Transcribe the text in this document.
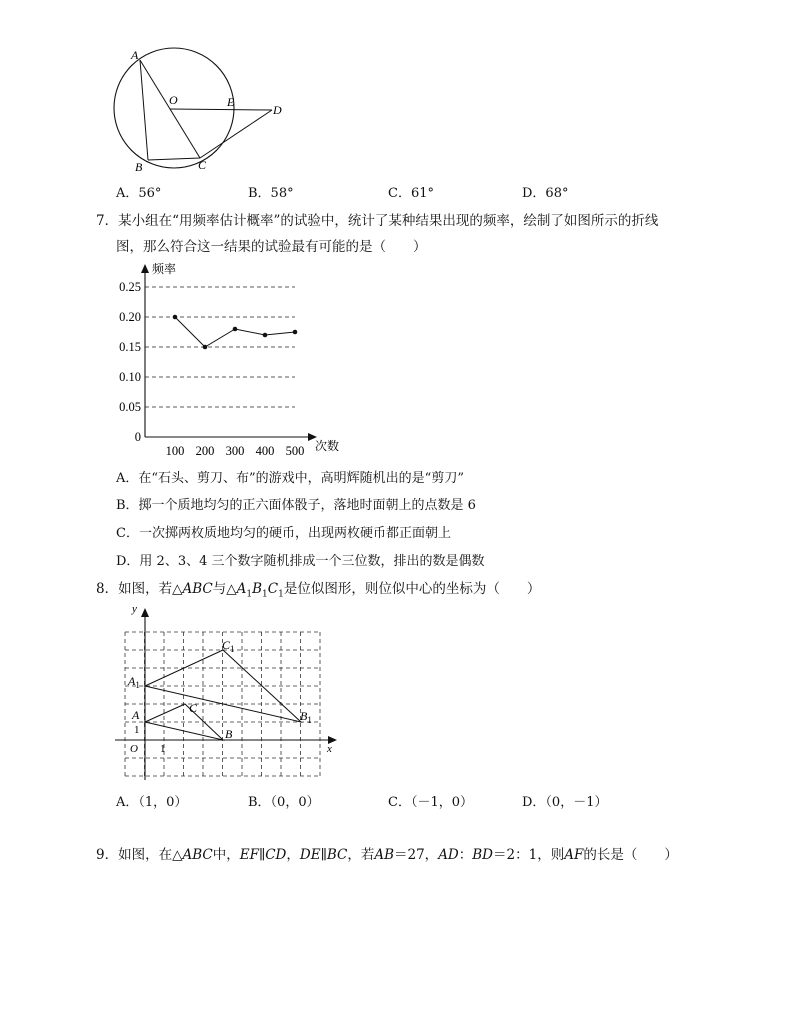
A
B	C
D
E
O
A．56°	B．58°	C．61°	D．68°
7．某小组在“用频率估计概率”的试验中，统计了某种结果出现的频率，绘制了如图所示的折线
图，那么符合这一结果的试验最有可能的是（　　）
频率
次数
0
0.05
0.10
0.15
0.20
0.25
100 200 300 400 500
A．在“石头、剪刀、布”的游戏中，高明辉随机出的是“剪刀”
B．掷一个质地均匀的正六面体骰子，落地时面朝上的点数是 6
C．一次掷两枚质地均匀的硬币，出现两枚硬币都正面朝上
D．用 2、3、4 三个数字随机排成一个三位数，排出的数是偶数
8．如图，若△ABC与$\triangle A_1B_1C_1$是位似图形，则位似中心的坐标为（　　）
y
x
O
1
1
A
B
C
$A_1$
$B_1$
$C_1$
A．（1，0）	B．（0，0）	C．（－1，0）	D．（0，－1）
9．如图，在△ABC中，EF∥CD，DE∥BC，若AB＝27，AD：BD＝2：1，则AF的长是（　　）
